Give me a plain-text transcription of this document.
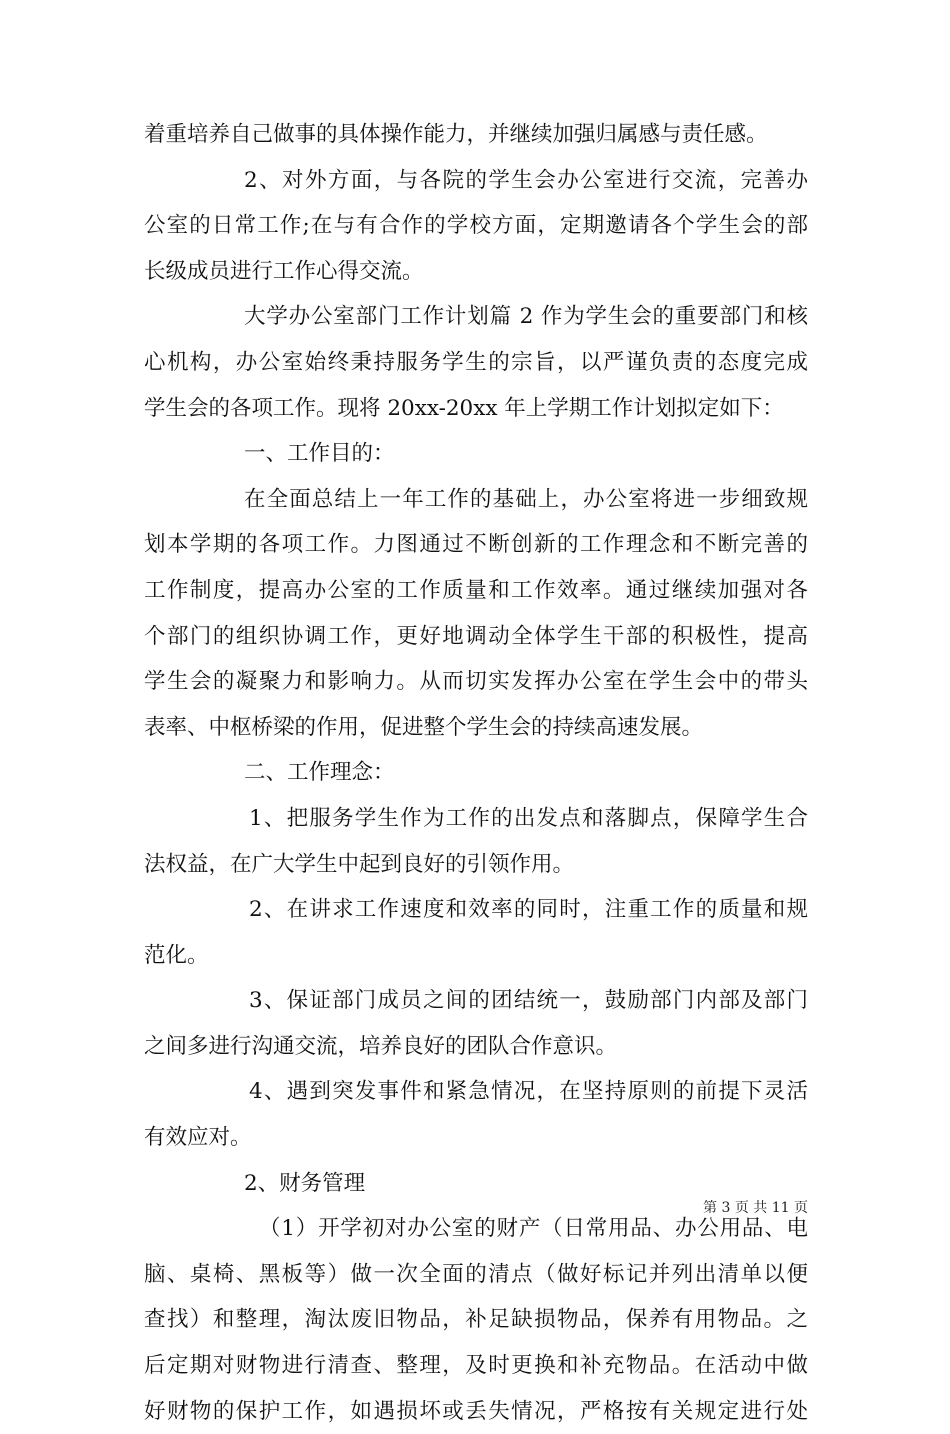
着重培养自己做事的具体操作能力，并继续加强归属感与责任感。
2、对外方面，与各院的学生会办公室进行交流，完善办
公室的日常工作;在与有合作的学校方面，定期邀请各个学生会的部
长级成员进行工作心得交流。
大学办公室部门工作计划篇 2 作为学生会的重要部门和核
心机构，办公室始终秉持服务学生的宗旨，以严谨负责的态度完成
学生会的各项工作。现将 20xx-20xx 年上学期工作计划拟定如下：
一、工作目的：
在全面总结上一年工作的基础上，办公室将进一步细致规
划本学期的各项工作。力图通过不断创新的工作理念和不断完善的
工作制度，提高办公室的工作质量和工作效率。通过继续加强对各
个部门的组织协调工作，更好地调动全体学生干部的积极性，提高
学生会的凝聚力和影响力。从而切实发挥办公室在学生会中的带头
表率、中枢桥梁的作用，促进整个学生会的持续高速发展。
二、工作理念：
1、把服务学生作为工作的出发点和落脚点，保障学生合
法权益，在广大学生中起到良好的引领作用。
2、在讲求工作速度和效率的同时，注重工作的质量和规
范化。
3、保证部门成员之间的团结统一，鼓励部门内部及部门
之间多进行沟通交流，培养良好的团队合作意识。
4、遇到突发事件和紧急情况，在坚持原则的前提下灵活
有效应对。
2、财务管理
（1）开学初对办公室的财产（日常用品、办公用品、电
脑、桌椅、黑板等）做一次全面的清点（做好标记并列出清单以便
查找）和整理，淘汰废旧物品，补足缺损物品，保养有用物品。之
后定期对财物进行清查、整理，及时更换和补充物品。在活动中做
好财物的保护工作，如遇损坏或丢失情况，严格按有关规定进行处
第 3 页 共 11 页
